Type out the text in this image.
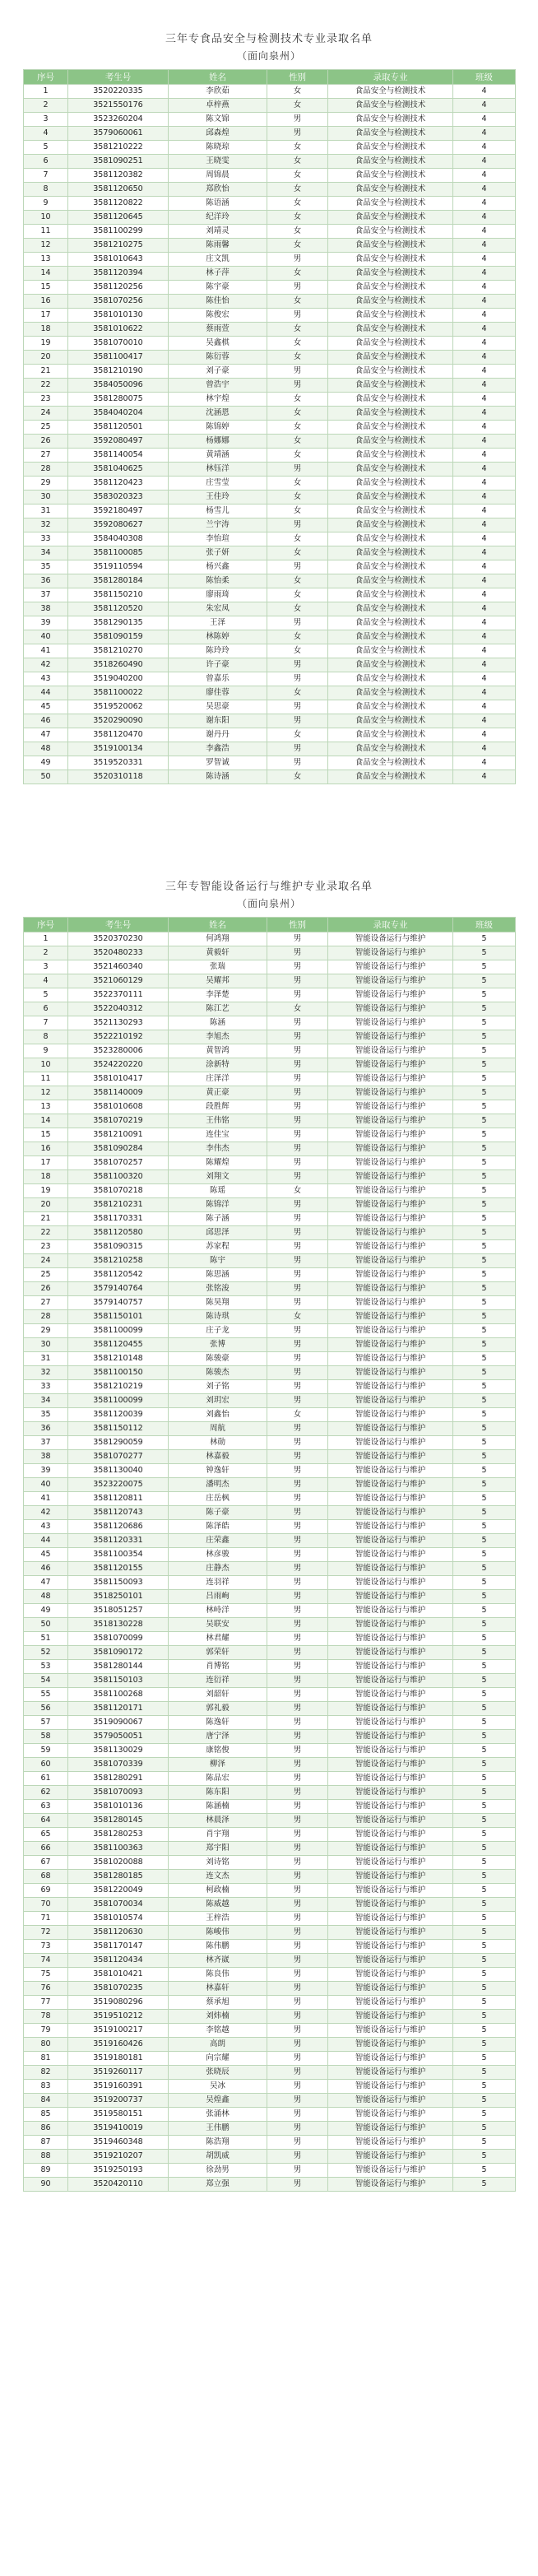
三年专食品安全与检测技术专业录取名单
（面向泉州）
序号	考生号	姓名	性别	录取专业	班级
1	3520220335	李欣茹	女	食品安全与检测技术	4
2	3521550176	卓梓燕	女	食品安全与检测技术	4
3	3523260204	陈文锦	男	食品安全与检测技术	4
4	3579060061	邱森煌	男	食品安全与检测技术	4
5	3581210222	陈晓琼	女	食品安全与检测技术	4
6	3581090251	王晓雯	女	食品安全与检测技术	4
7	3581120382	周锦晨	女	食品安全与检测技术	4
8	3581120650	郑欣怡	女	食品安全与检测技术	4
9	3581120822	陈语涵	女	食品安全与检测技术	4
10	3581120645	纪洋玲	女	食品安全与检测技术	4
11	3581100299	刘靖灵	女	食品安全与检测技术	4
12	3581210275	陈雨馨	女	食品安全与检测技术	4
13	3581010643	庄文凯	男	食品安全与检测技术	4
14	3581120394	林子萍	女	食品安全与检测技术	4
15	3581120256	陈宇豪	男	食品安全与检测技术	4
16	3581070256	陈佳怡	女	食品安全与检测技术	4
17	3581010130	陈俊宏	男	食品安全与检测技术	4
18	3581010622	蔡雨萱	女	食品安全与检测技术	4
19	3581070010	吴鑫棋	女	食品安全与检测技术	4
20	3581100417	陈衍蓉	女	食品安全与检测技术	4
21	3581210190	刘子豪	男	食品安全与检测技术	4
22	3584050096	曾浩宇	男	食品安全与检测技术	4
23	3581280075	林宇煌	女	食品安全与检测技术	4
24	3584040204	沈涵恩	女	食品安全与检测技术	4
25	3581120501	陈锦婷	女	食品安全与检测技术	4
26	3592080497	杨娜娜	女	食品安全与检测技术	4
27	3581140054	黄靖涵	女	食品安全与检测技术	4
28	3581040625	林钰洋	男	食品安全与检测技术	4
29	3581120423	庄雪莹	女	食品安全与检测技术	4
30	3583020323	王佳玲	女	食品安全与检测技术	4
31	3592180497	杨雪儿	女	食品安全与检测技术	4
32	3592080627	兰宇涛	男	食品安全与检测技术	4
33	3584040308	李怡瑄	女	食品安全与检测技术	4
34	3581100085	张子妍	女	食品安全与检测技术	4
35	3519110594	杨兴鑫	男	食品安全与检测技术	4
36	3581280184	陈怡柔	女	食品安全与检测技术	4
37	3581150210	廖雨琦	女	食品安全与检测技术	4
38	3581120520	朱宏凤	女	食品安全与检测技术	4
39	3581290135	王泽	男	食品安全与检测技术	4
40	3581090159	林陈婷	女	食品安全与检测技术	4
41	3581210270	陈玲玲	女	食品安全与检测技术	4
42	3518260490	许子豪	男	食品安全与检测技术	4
43	3519040200	曾嘉乐	男	食品安全与检测技术	4
44	3581100022	廖佳蓉	女	食品安全与检测技术	4
45	3519520062	吴思豪	男	食品安全与检测技术	4
46	3520290090	谢东阳	男	食品安全与检测技术	4
47	3581120470	谢丹丹	女	食品安全与检测技术	4
48	3519100134	李鑫浩	男	食品安全与检测技术	4
49	3519520331	罗智诚	男	食品安全与检测技术	4
50	3520310118	陈诗涵	女	食品安全与检测技术	4
三年专智能设备运行与维护专业录取名单
（面向泉州）
序号	考生号	姓名	性别	录取专业	班级
1	3520370230	何鸿翔	男	智能设备运行与维护	5
2	3520480233	黄毅轩	男	智能设备运行与维护	5
3	3521460340	张瑞	男	智能设备运行与维护	5
4	3521060129	吴耀邦	男	智能设备运行与维护	5
5	3522370111	李泽楚	男	智能设备运行与维护	5
6	3522040312	陈江艺	女	智能设备运行与维护	5
7	3521130293	陈涵	男	智能设备运行与维护	5
8	3522210192	李旭杰	男	智能设备运行与维护	5
9	3523280006	黄智鸿	男	智能设备运行与维护	5
10	3524220220	涂新特	男	智能设备运行与维护	5
11	3581010417	庄泽洋	男	智能设备运行与维护	5
12	3581140009	黄正豪	男	智能设备运行与维护	5
13	3581010608	段胜辉	男	智能设备运行与维护	5
14	3581070219	王伟铭	男	智能设备运行与维护	5
15	3581210091	连佳宝	男	智能设备运行与维护	5
16	3581090284	李伟杰	男	智能设备运行与维护	5
17	3581070257	陈耀煌	男	智能设备运行与维护	5
18	3581100320	刘翔文	男	智能设备运行与维护	5
19	3581070218	陈瑶	女	智能设备运行与维护	5
20	3581210231	陈锦洋	男	智能设备运行与维护	5
21	3581170331	陈子涵	男	智能设备运行与维护	5
22	3581120580	邱思泽	男	智能设备运行与维护	5
23	3581090315	苏家程	男	智能设备运行与维护	5
24	3581210258	陈宇	男	智能设备运行与维护	5
25	3581120542	陈思涵	男	智能设备运行与维护	5
26	3579140764	张铭浚	男	智能设备运行与维护	5
27	3579140757	陈昊翔	男	智能设备运行与维护	5
28	3581150101	陈诗琪	女	智能设备运行与维护	5
29	3581100099	庄子龙	男	智能设备运行与维护	5
30	3581120455	张博	男	智能设备运行与维护	5
31	3581210148	陈骏豪	男	智能设备运行与维护	5
32	3581100150	陈骏杰	男	智能设备运行与维护	5
33	3581210219	刘子铭	男	智能设备运行与维护	5
34	3581100099	刘玥宏	男	智能设备运行与维护	5
35	3581120039	刘鑫怡	女	智能设备运行与维护	5
36	3581150112	周航	男	智能设备运行与维护	5
37	3581290059	林勋	男	智能设备运行与维护	5
38	3581070277	林嘉毅	男	智能设备运行与维护	5
39	3581130040	钟逸轩	男	智能设备运行与维护	5
40	3523220075	潘明杰	男	智能设备运行与维护	5
41	3581120811	庄岳枫	男	智能设备运行与维护	5
42	3581120743	陈子豪	男	智能设备运行与维护	5
43	3581120686	陈泽皓	男	智能设备运行与维护	5
44	3581120331	庄荣鑫	男	智能设备运行与维护	5
45	3581100354	林彦骏	男	智能设备运行与维护	5
46	3581120155	庄静杰	男	智能设备运行与维护	5
47	3581150093	连羽祥	男	智能设备运行与维护	5
48	3518250101	吕雨峋	男	智能设备运行与维护	5
49	3518051257	林峙洋	男	智能设备运行与维护	5
50	3518130228	吴联安	男	智能设备运行与维护	5
51	3581070099	林君耀	男	智能设备运行与维护	5
52	3581090172	郭荣轩	男	智能设备运行与维护	5
53	3581280144	肖博铭	男	智能设备运行与维护	5
54	3581150103	连衍祥	男	智能设备运行与维护	5
55	3581100268	刘韶轩	男	智能设备运行与维护	5
56	3581120171	郭礼毅	男	智能设备运行与维护	5
57	3519090067	陈逸轩	男	智能设备运行与维护	5
58	3579050051	唐宁泽	男	智能设备运行与维护	5
59	3581130029	康铭俊	男	智能设备运行与维护	5
60	3581070339	柳泽	男	智能设备运行与维护	5
61	3581280291	陈品宏	男	智能设备运行与维护	5
62	3581070093	陈东阳	男	智能设备运行与维护	5
63	3581010136	陈涵楠	男	智能设备运行与维护	5
64	3581280145	林晨泽	男	智能设备运行与维护	5
65	3581280253	肖宇翔	男	智能设备运行与维护	5
66	3581100363	郑宇阳	男	智能设备运行与维护	5
67	3581020088	刘诗铭	男	智能设备运行与维护	5
68	3581280185	连文杰	男	智能设备运行与维护	5
69	3581220049	柯政楠	男	智能设备运行与维护	5
70	3581070034	陈威越	男	智能设备运行与维护	5
71	3581010574	王梓浩	男	智能设备运行与维护	5
72	3581120630	陈峻伟	男	智能设备运行与维护	5
73	3581170147	陈伟鹏	男	智能设备运行与维护	5
74	3581120434	林齐崴	男	智能设备运行与维护	5
75	3581010421	陈良伟	男	智能设备运行与维护	5
76	3581070235	林嘉轩	男	智能设备运行与维护	5
77	3519080296	蔡承旭	男	智能设备运行与维护	5
78	3519510212	刘炜楠	男	智能设备运行与维护	5
79	3519100217	李铭越	男	智能设备运行与维护	5
80	3519160426	高朗	男	智能设备运行与维护	5
81	3519180181	向宗耀	男	智能设备运行与维护	5
82	3519260117	张晓辰	男	智能设备运行与维护	5
83	3519160391	吴冰	男	智能设备运行与维护	5
84	3519200737	吴煌鑫	男	智能设备运行与维护	5
85	3519580151	张涌林	男	智能设备运行与维护	5
86	3519410019	王伟鹏	男	智能设备运行与维护	5
87	3519460348	陈浩翔	男	智能设备运行与维护	5
88	3519210207	胡凯威	男	智能设备运行与维护	5
89	3519250193	徐劲男	男	智能设备运行与维护	5
90	3520420110	郑立强	男	智能设备运行与维护	5
